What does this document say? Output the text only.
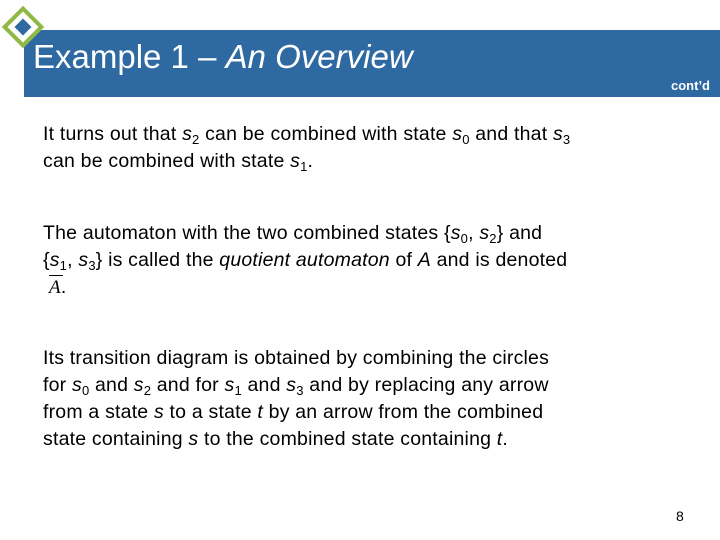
Example 1 – An Overview
cont’d
It turns out that $s_2$ can be combined with state $s_0$ and that $s_3$
can be combined with state $s_1$.
The automaton with the two combined states {$s_0$, $s_2$} and
{$s_1$, $s_3$} is called the quotient automaton of A and is denoted
A.
Its transition diagram is obtained by combining the circles
for $s_0$ and $s_2$ and for $s_1$ and $s_3$ and by replacing any arrow
from a state s to a state t by an arrow from the combined
state containing s to the combined state containing t.
8
